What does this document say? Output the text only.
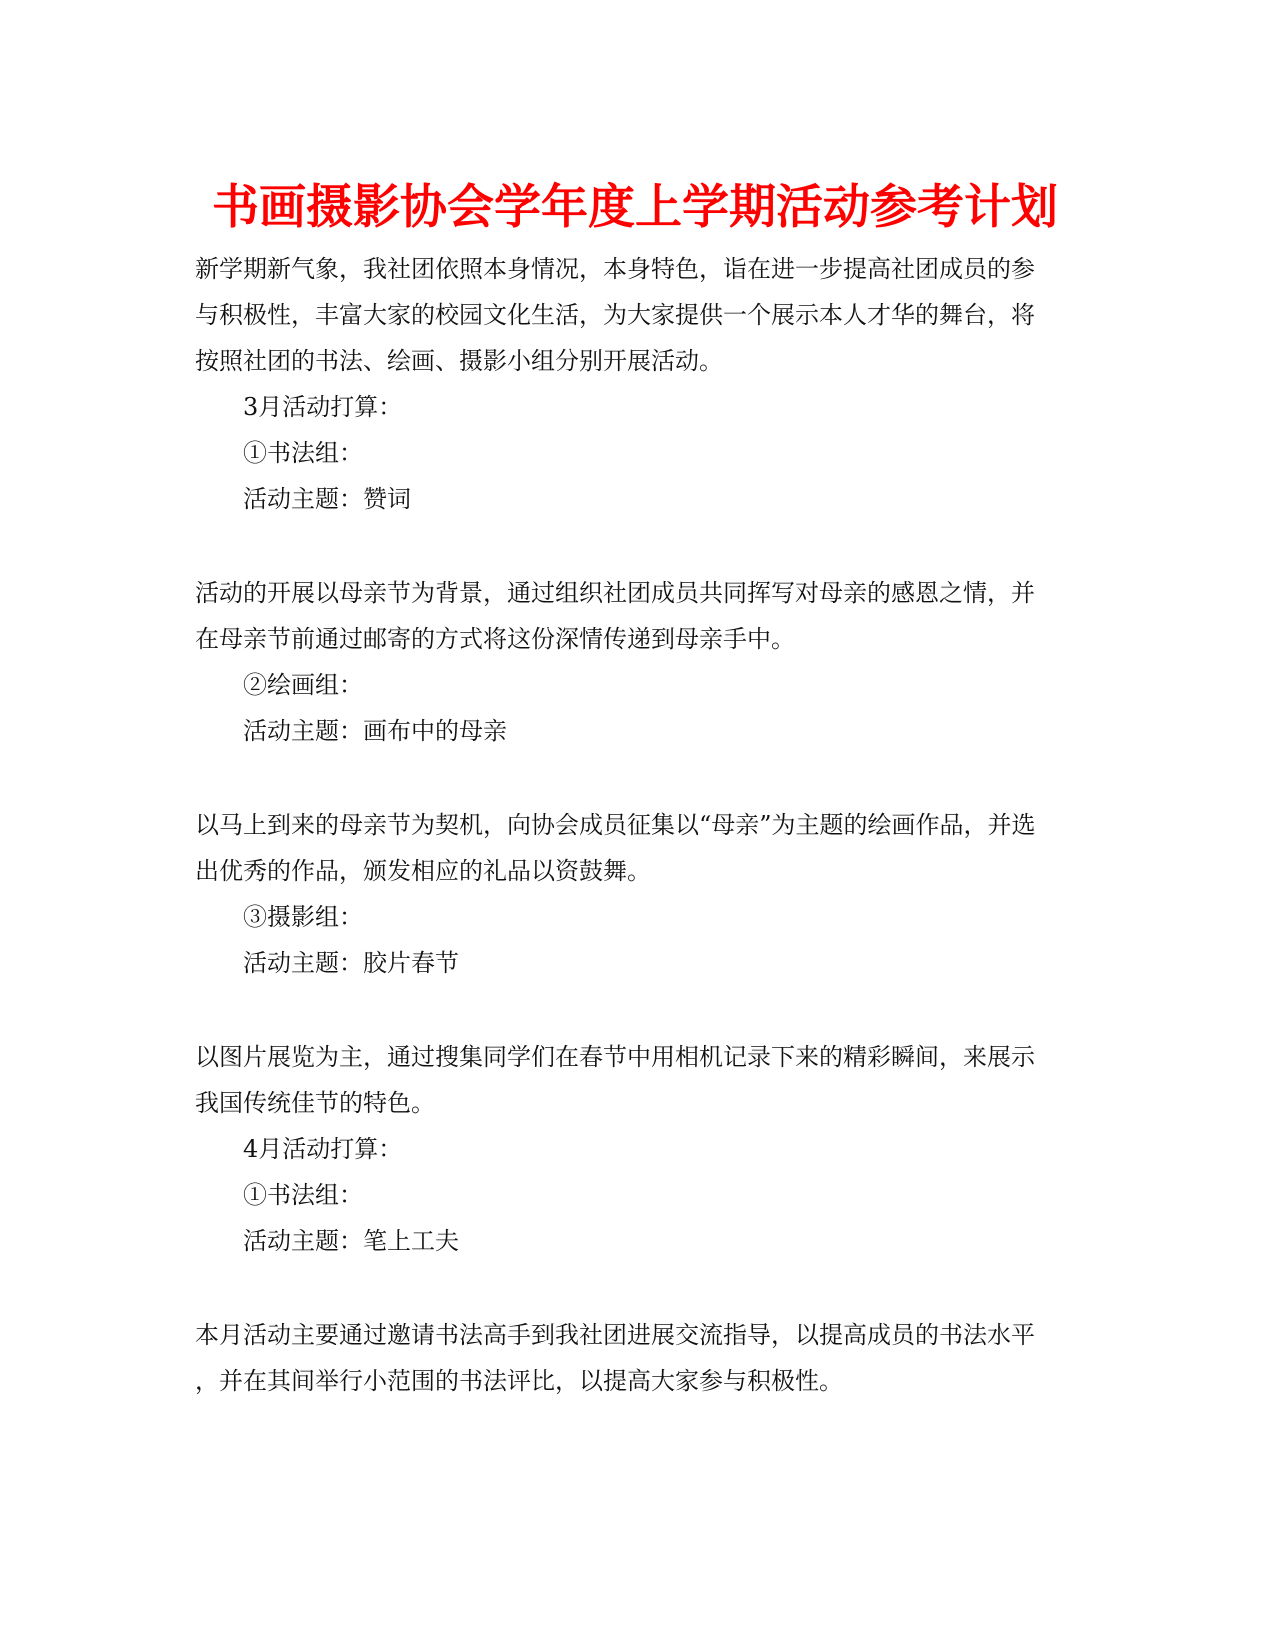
书画摄影协会学年度上学期活动参考计划
新学期新气象，我社团依照本身情况，本身特色，诣在进一步提高社团成员的参
与积极性，丰富大家的校园文化生活，为大家提供一个展示本人才华的舞台，将
按照社团的书法、绘画、摄影小组分别开展活动。
3月活动打算：
①书法组：
活动主题：赞词
活动的开展以母亲节为背景，通过组织社团成员共同挥写对母亲的感恩之情，并
在母亲节前通过邮寄的方式将这份深情传递到母亲手中。
②绘画组：
活动主题：画布中的母亲
以马上到来的母亲节为契机，向协会成员征集以“母亲”为主题的绘画作品，并选
出优秀的作品，颁发相应的礼品以资鼓舞。
③摄影组：
活动主题：胶片春节
以图片展览为主，通过搜集同学们在春节中用相机记录下来的精彩瞬间，来展示
我国传统佳节的特色。
4月活动打算：
①书法组：
活动主题：笔上工夫
本月活动主要通过邀请书法高手到我社团进展交流指导，以提高成员的书法水平
，并在其间举行小范围的书法评比，以提高大家参与积极性。
